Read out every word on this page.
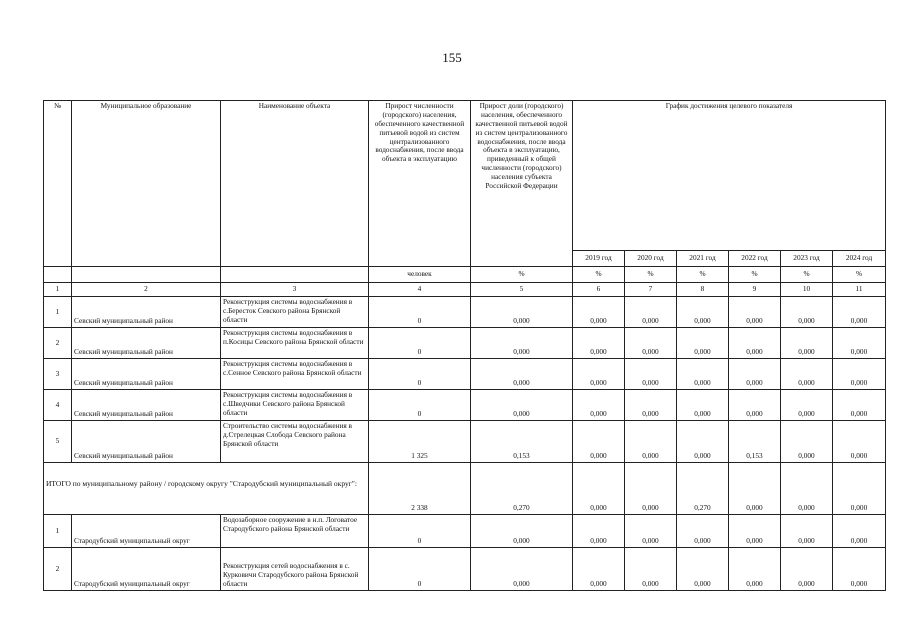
155
№	Муниципальное образование	Наименование объекта	Прирост численности (городского) населения, обеспеченного качественной питьевой водой из систем централизованного водоснабжения, после ввода объекта в эксплуатацию	Прирост доли (городского) населения, обеспеченного качественной питьевой водой из систем централизованного водоснабжения, после ввода объекта в эксплуатацию, приведенный к общей численности (городского) населения субъекта Российской Федерации	График достижения целевого показателя					
					2019 год	2020 год	2021 год	2022 год	2023 год	2024 год
			человек	%	%	%	%	%	%	%
1	2	3	4	5	6	7	8	9	10	11
1	Севский муниципальный район	Реконструкция системы водоснабжения в с.Бересток Севского района Брянской области	0	0,000	0,000	0,000	0,000	0,000	0,000	0,000
2	Севский муниципальный район	Реконструкция системы водоснабжения в п.Косицы Севского района Брянской области	0	0,000	0,000	0,000	0,000	0,000	0,000	0,000
3	Севский муниципальный район	Реконструкция системы водоснабжения в с.Сенное Севского района Брянской области	0	0,000	0,000	0,000	0,000	0,000	0,000	0,000
4	Севский муниципальный район	Реконструкция системы водоснабжения в с.Шведчики Севского района Брянской области	0	0,000	0,000	0,000	0,000	0,000	0,000	0,000
5	Севский муниципальный район	Строительство системы водоснабжения в д.Стрелецкая Слобода Севского района Брянской области	1 325	0,153	0,000	0,000	0,000	0,153	0,000	0,000
ИТОГО по муниципальному району / городскому округу "Стародубский муниципальный округ":			2 338	0,270	0,000	0,000	0,270	0,000	0,000	0,000
1	Стародубский муниципальный округ	Водозаборное сооружение в н.п. Логоватое Стародубского района Брянской области	0	0,000	0,000	0,000	0,000	0,000	0,000	0,000
2	Стародубский муниципальный округ	Реконструкция сетей водоснабжения в с. Курковичи Стародубского района Брянской области	0	0,000	0,000	0,000	0,000	0,000	0,000	0,000
